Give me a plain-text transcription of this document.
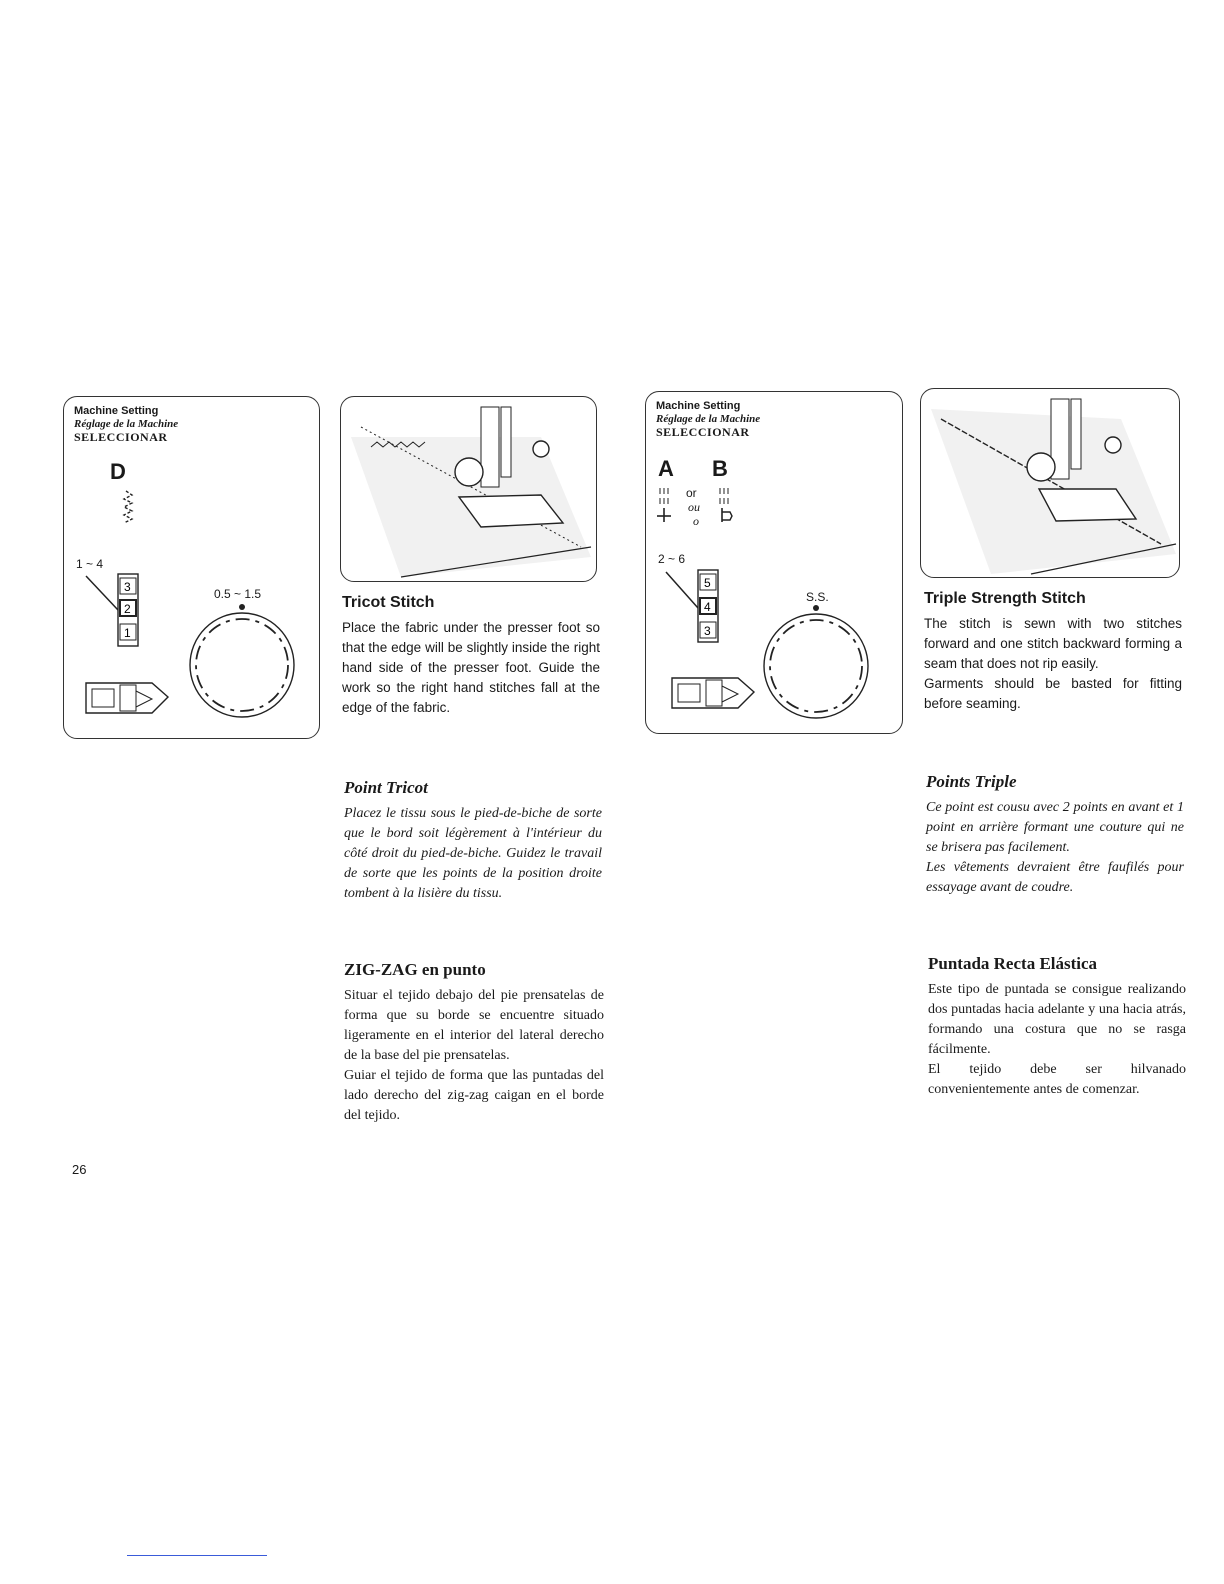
Machine Setting
Réglage de la Machine
SELECCIONAR
D
1 ~ 4
3
2
1
0.5 ~ 1.5	Tricot Stitch

Place the fabric under the presser foot so that the edge will be slightly inside the right hand side of the presser foot. Guide the work so the right hand stitches fall at the edge of the fabric.

Point Tricot

Placez le tissu sous le pied-de-biche de sorte que le bord soit légèrement à l'intérieur du côté droit du pied-de-biche. Guidez le travail de sorte que les points de la position droite tombent à la lisière du tissu.

ZIG-ZAG en punto

Situar el tejido debajo del pie prensatelas de forma que su borde se encuentre situado ligeramente en el interior del lateral derecho de la base del pie prensatelas.

Guiar el tejido de forma que las puntadas del lado derecho del zig-zag caigan en el borde del tejido.

Machine Setting
Réglage de la Machine
SELECCIONAR
A B
or
ou
o
2 ~ 6
5
4
3
S.S.	Triple Strength Stitch

The stitch is sewn with two stitches forward and one stitch backward forming a seam that does not rip easily.

Garments should be basted for fitting before seaming.

Points Triple

Ce point est cousu avec 2 points en avant et 1 point en arrière formant une couture qui ne se brisera pas facilement.

Les vêtements devraient être faufilés pour essayage avant de coudre.

Puntada Recta Elástica

Este tipo de puntada se consigue realizando dos puntadas hacia adelante y una hacia atrás, formando una costura que no se rasga fácilmente.

El tejido debe ser hilvanado convenientemente antes de comenzar.

26
